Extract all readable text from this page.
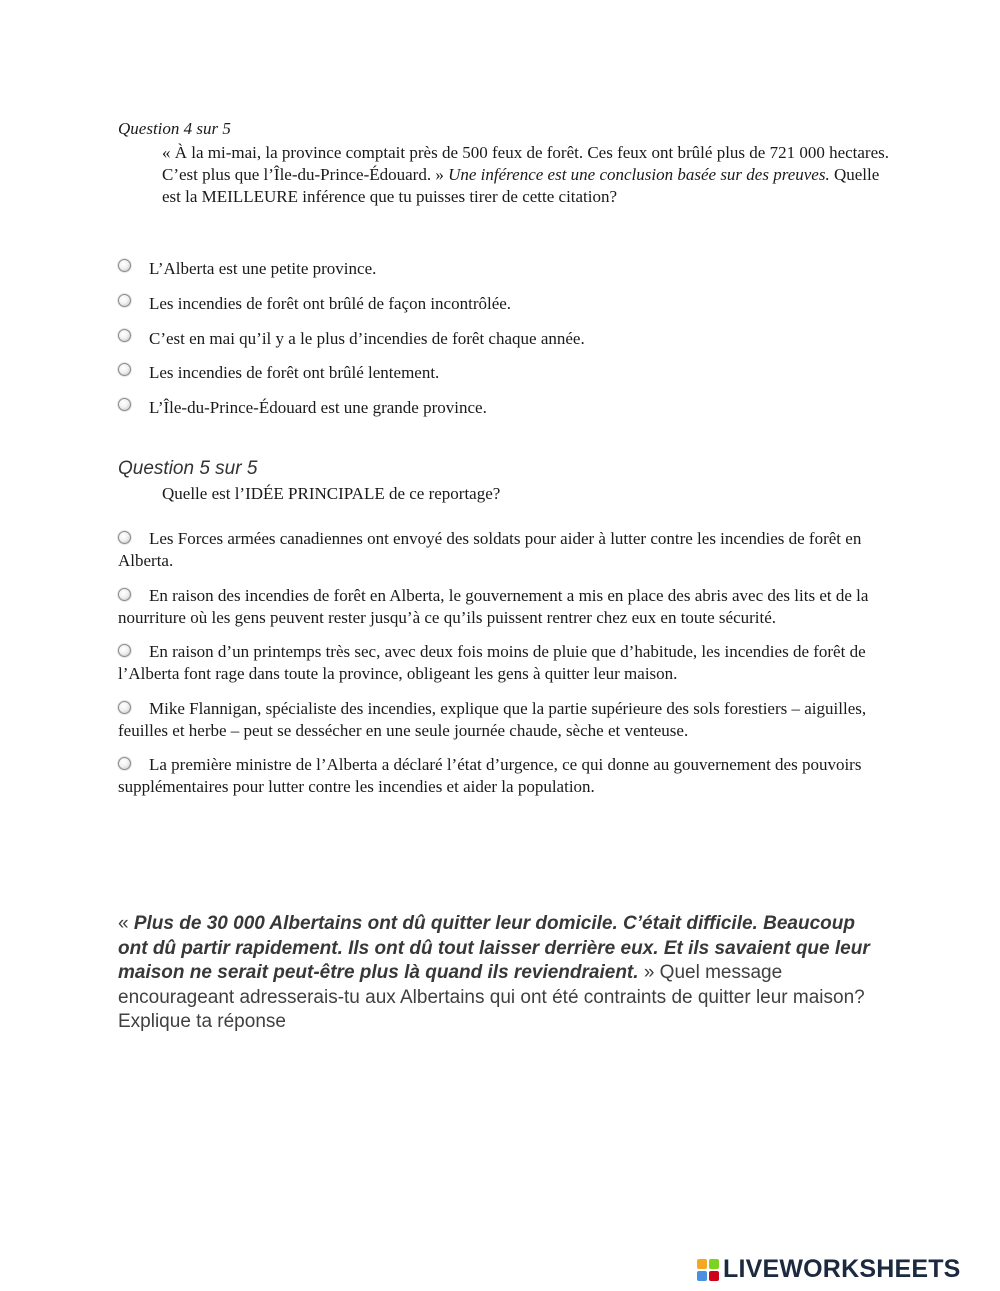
Question 4 sur 5
« À la mi-mai, la province comptait près de 500 feux de forêt. Ces feux ont brûlé plus de 721 000 hectares. C’est plus que l’Île-du-Prince-Édouard. » Une inférence est une conclusion basée sur des preuves. Quelle est la MEILLEURE inférence que tu puisses tirer de cette citation?
L’Alberta est une petite province.
Les incendies de forêt ont brûlé de façon incontrôlée.
C’est en mai qu’il y a le plus d’incendies de forêt chaque année.
Les incendies de forêt ont brûlé lentement.
L’Île-du-Prince-Édouard est une grande province.
Question 5 sur 5
Quelle est l’IDÉE PRINCIPALE de ce reportage?
Les Forces armées canadiennes ont envoyé des soldats pour aider à lutter contre les incendies de forêt en Alberta.
En raison des incendies de forêt en Alberta, le gouvernement a mis en place des abris avec des lits et de la nourriture où les gens peuvent rester jusqu’à ce qu’ils puissent rentrer chez eux en toute sécurité.
En raison d’un printemps très sec, avec deux fois moins de pluie que d’habitude, les incendies de forêt de l’Alberta font rage dans toute la province, obligeant les gens à quitter leur maison.
Mike Flannigan, spécialiste des incendies, explique que la partie supérieure des sols forestiers – aiguilles, feuilles et herbe – peut se dessécher en une seule journée chaude, sèche et venteuse.
La première ministre de l’Alberta a déclaré l’état d’urgence, ce qui donne au gouvernement des pouvoirs supplémentaires pour lutter contre les incendies et aider la population.
« Plus de 30 000 Albertains ont dû quitter leur domicile. C’était difficile. Beaucoup ont dû partir rapidement. Ils ont dû tout laisser derrière eux. Et ils savaient que leur maison ne serait peut-être plus là quand ils reviendraient. » Quel message encourageant adresserais-tu aux Albertains qui ont été contraints de quitter leur maison? Explique ta réponse
LIVEWORKSHEETS
